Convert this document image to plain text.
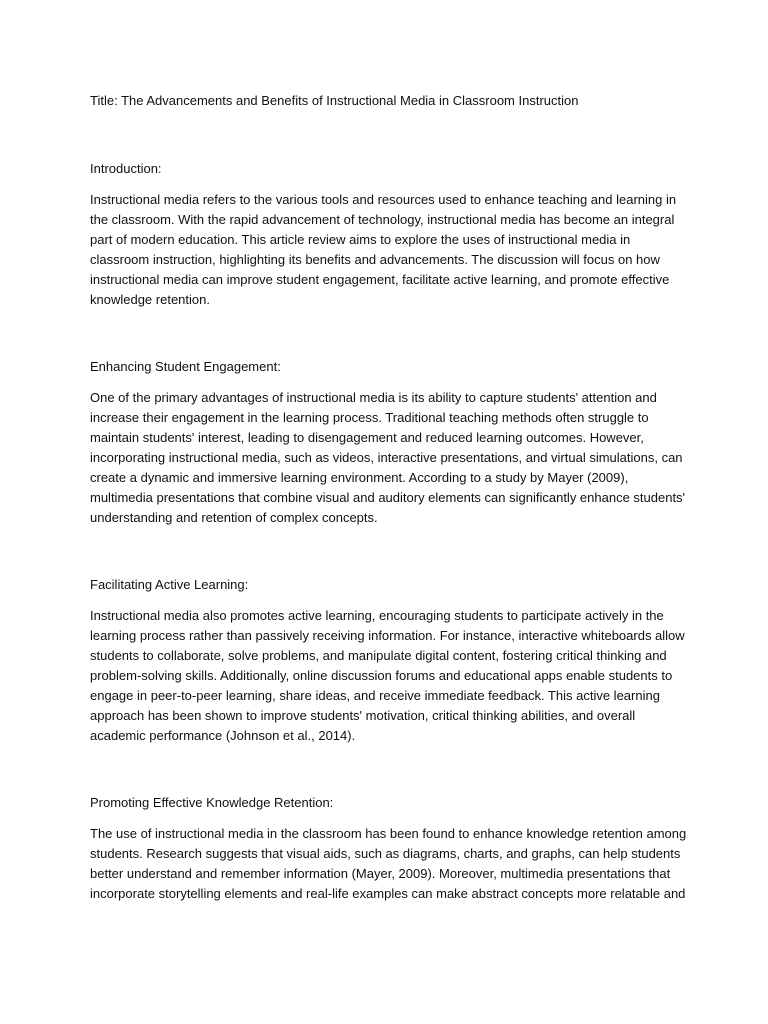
Title: The Advancements and Benefits of Instructional Media in Classroom Instruction
Introduction:

Instructional media refers to the various tools and resources used to enhance teaching and learning in the classroom. With the rapid advancement of technology, instructional media has become an integral part of modern education. This article review aims to explore the uses of instructional media in classroom instruction, highlighting its benefits and advancements. The discussion will focus on how instructional media can improve student engagement, facilitate active learning, and promote effective knowledge retention.

Enhancing Student Engagement:

One of the primary advantages of instructional media is its ability to capture students' attention and increase their engagement in the learning process. Traditional teaching methods often struggle to maintain students' interest, leading to disengagement and reduced learning outcomes. However, incorporating instructional media, such as videos, interactive presentations, and virtual simulations, can create a dynamic and immersive learning environment. According to a study by Mayer (2009), multimedia presentations that combine visual and auditory elements can significantly enhance students' understanding and retention of complex concepts.

Facilitating Active Learning:

Instructional media also promotes active learning, encouraging students to participate actively in the learning process rather than passively receiving information. For instance, interactive whiteboards allow students to collaborate, solve problems, and manipulate digital content, fostering critical thinking and problem-solving skills. Additionally, online discussion forums and educational apps enable students to engage in peer-to-peer learning, share ideas, and receive immediate feedback. This active learning approach has been shown to improve students' motivation, critical thinking abilities, and overall academic performance (Johnson et al., 2014).

Promoting Effective Knowledge Retention:

The use of instructional media in the classroom has been found to enhance knowledge retention among students. Research suggests that visual aids, such as diagrams, charts, and graphs, can help students better understand and remember information (Mayer, 2009). Moreover, multimedia presentations that incorporate storytelling elements and real-life examples can make abstract concepts more relatable and
